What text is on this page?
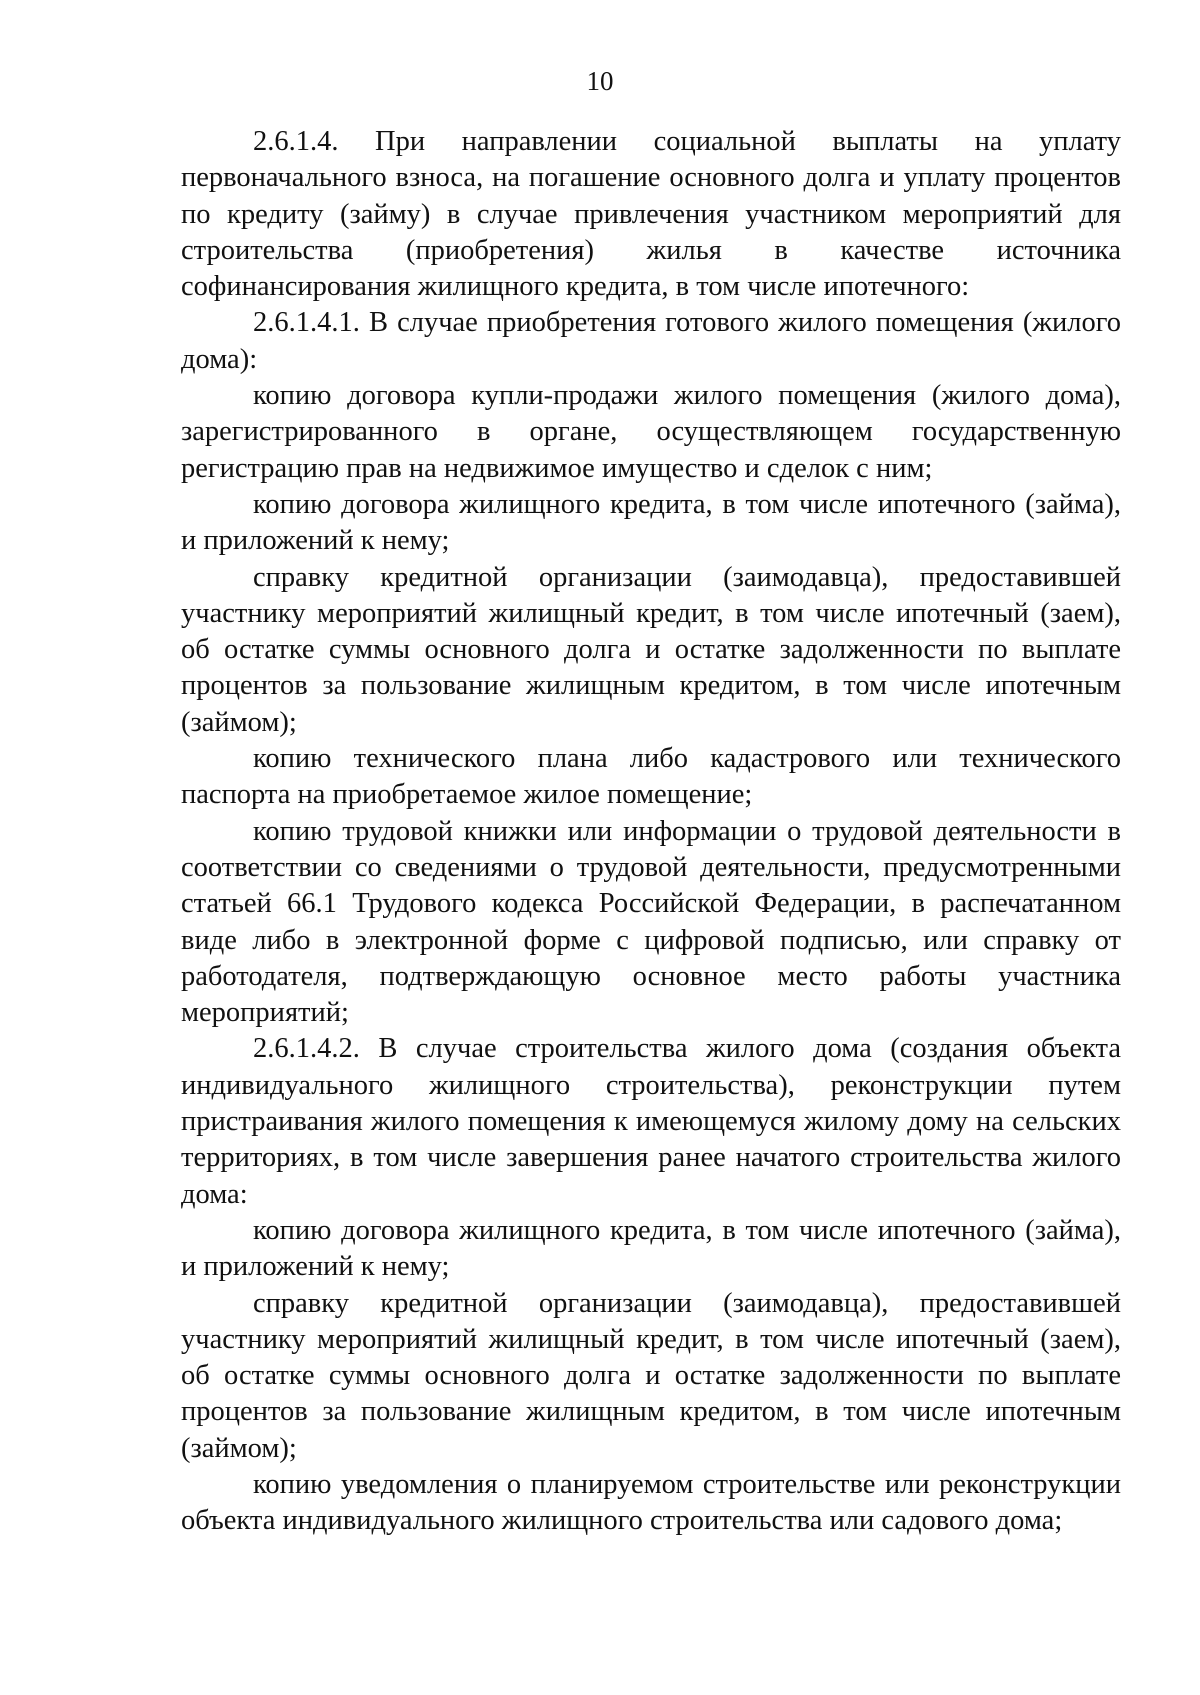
10

2.6.1.4. При направлении социальной выплаты на уплату первоначального взноса, на погашение основного долга и уплату процентов по кредиту (займу) в случае привлечения участником мероприятий для строительства (приобретения) жилья в качестве источника софинансирования жилищного кредита, в том числе ипотечного:

2.6.1.4.1. В случае приобретения готового жилого помещения (жилого дома):

копию договора купли-продажи жилого помещения (жилого дома), зарегистрированного в органе, осуществляющем государственную регистрацию прав на недвижимое имущество и сделок с ним;

копию договора жилищного кредита, в том числе ипотечного (займа), и приложений к нему;

справку кредитной организации (заимодавца), предоставившей участнику мероприятий жилищный кредит, в том числе ипотечный (заем), об остатке суммы основного долга и остатке задолженности по выплате процентов за пользование жилищным кредитом, в том числе ипотечным (займом);

копию технического плана либо кадастрового или технического паспорта на приобретаемое жилое помещение;

копию трудовой книжки или информации о трудовой деятельности в соответствии со сведениями о трудовой деятельности, предусмотренными статьей 66.1 Трудового кодекса Российской Федерации, в распечатанном виде либо в электронной форме с цифровой подписью, или справку от работодателя, подтверждающую основное место работы участника мероприятий;

2.6.1.4.2. В случае строительства жилого дома (создания объекта индивидуального жилищного строительства), реконструкции путем пристраивания жилого помещения к имеющемуся жилому дому на сельских территориях, в том числе завершения ранее начатого строительства жилого дома:

копию договора жилищного кредита, в том числе ипотечного (займа), и приложений к нему;

справку кредитной организации (заимодавца), предоставившей участнику мероприятий жилищный кредит, в том числе ипотечный (заем), об остатке суммы основного долга и остатке задолженности по выплате процентов за пользование жилищным кредитом, в том числе ипотечным (займом);

копию уведомления о планируемом строительстве или реконструкции объекта индивидуального жилищного строительства или садового дома;
